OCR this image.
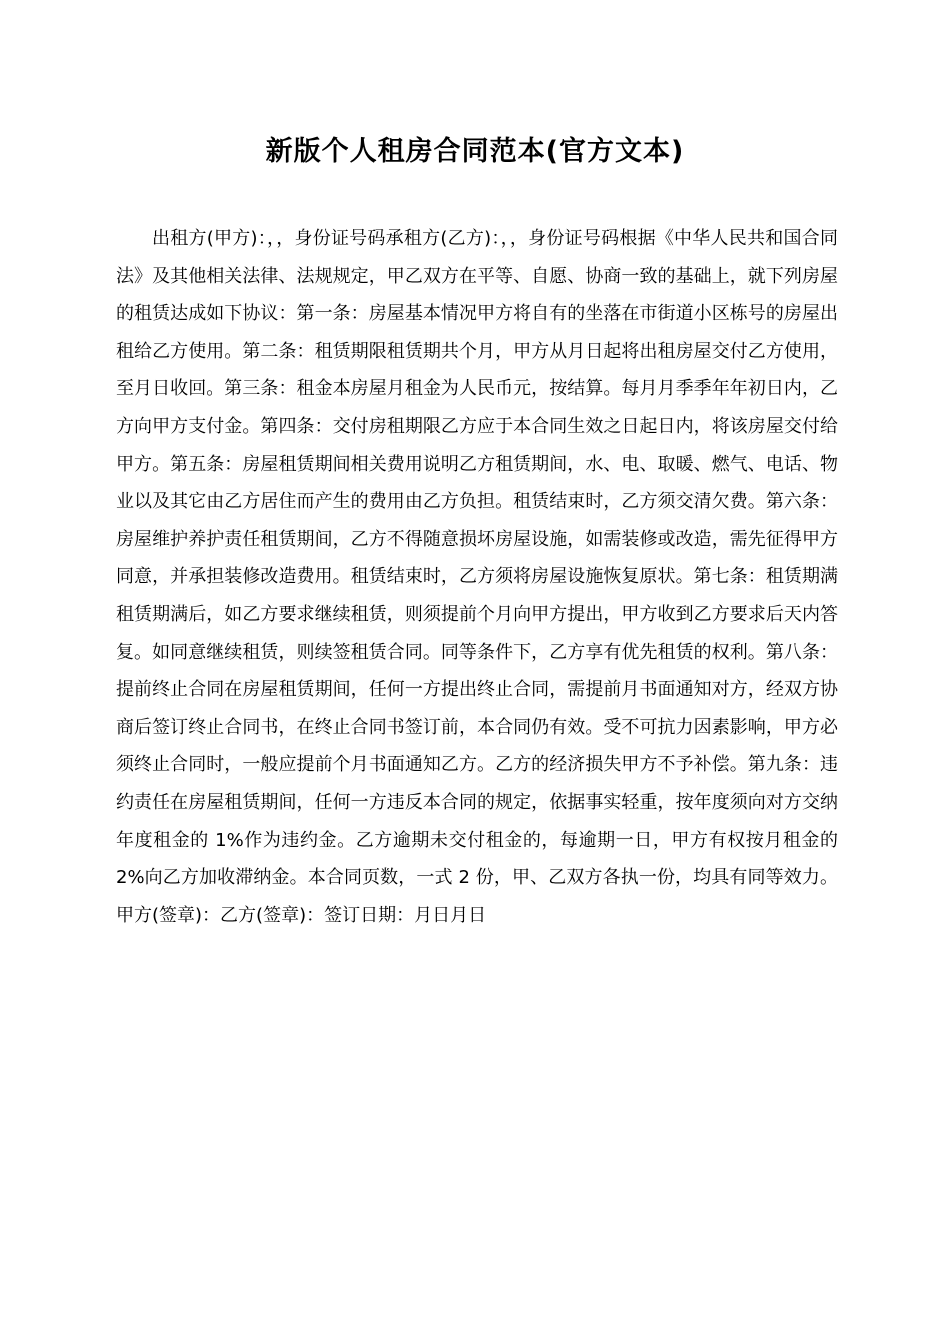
新版个人租房合同范本(官方文本)

出租方(甲方)：，，身份证号码承租方(乙方)：，，身份证号码根据《中华人民共和国合同法》及其他相关法律、法规规定，甲乙双方在平等、自愿、协商一致的基础上，就下列房屋的租赁达成如下协议：第一条：房屋基本情况甲方将自有的坐落在市街道小区栋号的房屋出租给乙方使用。第二条：租赁期限租赁期共个月，甲方从月日起将出租房屋交付乙方使用，至月日收回。第三条：租金本房屋月租金为人民币元，按结算。每月月季季年年初日内，乙方向甲方支付金。第四条：交付房租期限乙方应于本合同生效之日起日内，将该房屋交付给甲方。第五条：房屋租赁期间相关费用说明乙方租赁期间，水、电、取暖、燃气、电话、物业以及其它由乙方居住而产生的费用由乙方负担。租赁结束时，乙方须交清欠费。第六条：房屋维护养护责任租赁期间，乙方不得随意损坏房屋设施，如需装修或改造，需先征得甲方同意，并承担装修改造费用。租赁结束时，乙方须将房屋设施恢复原状。第七条：租赁期满租赁期满后，如乙方要求继续租赁，则须提前个月向甲方提出，甲方收到乙方要求后天内答复。如同意继续租赁，则续签租赁合同。同等条件下，乙方享有优先租赁的权利。第八条：提前终止合同在房屋租赁期间，任何一方提出终止合同，需提前月书面通知对方，经双方协商后签订终止合同书，在终止合同书签订前，本合同仍有效。受不可抗力因素影响，甲方必须终止合同时，一般应提前个月书面通知乙方。乙方的经济损失甲方不予补偿。第九条：违约责任在房屋租赁期间，任何一方违反本合同的规定，依据事实轻重，按年度须向对方交纳年度租金的 1%作为违约金。乙方逾期未交付租金的，每逾期一日，甲方有权按月租金的 2%向乙方加收滞纳金。本合同页数，一式 2 份，甲、乙双方各执一份，均具有同等效力。甲方(签章)：乙方(签章)：签订日期：月日月日
